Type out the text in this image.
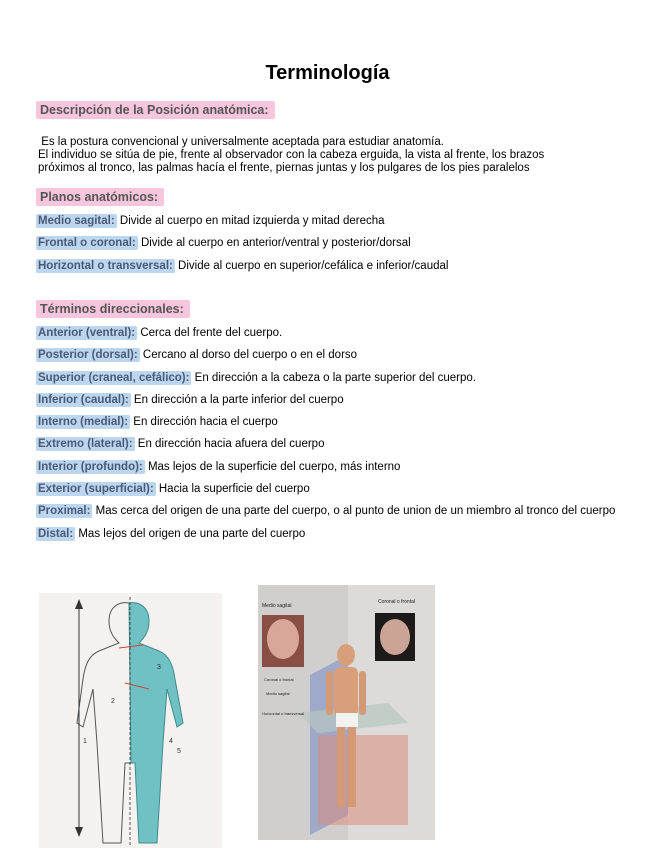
Terminología
Descripción de la Posición anatómica:
Es la postura convencional y universalmente aceptada para estudiar anatomía.
El individuo se sitúa de pie, frente al observador con la cabeza erguida, la vista al frente, los brazos
próximos al tronco, las palmas hacía el frente, piernas juntas y los pulgares de los pies paralelos
Planos anatómicos:
Medio sagital: Divide al cuerpo en mitad izquierda y mitad derecha
Frontal o coronal: Divide al cuerpo en anterior/ventral y posterior/dorsal
Horizontal o transversal: Divide al cuerpo en superior/cefálica e inferior/caudal
Términos direccionales:
Anterior (ventral): Cerca del frente del cuerpo.
Posterior (dorsal): Cercano al dorso del cuerpo o en el dorso
Superior (craneal, cefálico): En dirección a la cabeza o la parte superior del cuerpo.
Inferior (caudal): En dirección a la parte inferior del cuerpo
Interno (medial): En dirección hacia el cuerpo
Extremo (lateral): En dirección hacia afuera del cuerpo
Interior (profundo): Mas lejos de la superficie del cuerpo, más interno
Exterior (superficial): Hacia la superficie del cuerpo
Proximal: Mas cerca del origen de una parte del cuerpo, o al punto de union de un miembro al tronco del cuerpo
Distal: Mas lejos del origen de una parte del cuerpo
1
2
3
4
5
Medio sagital
Coronal o frontal
Coronal o frontal
Medio sagital
Horizontal o transversal
